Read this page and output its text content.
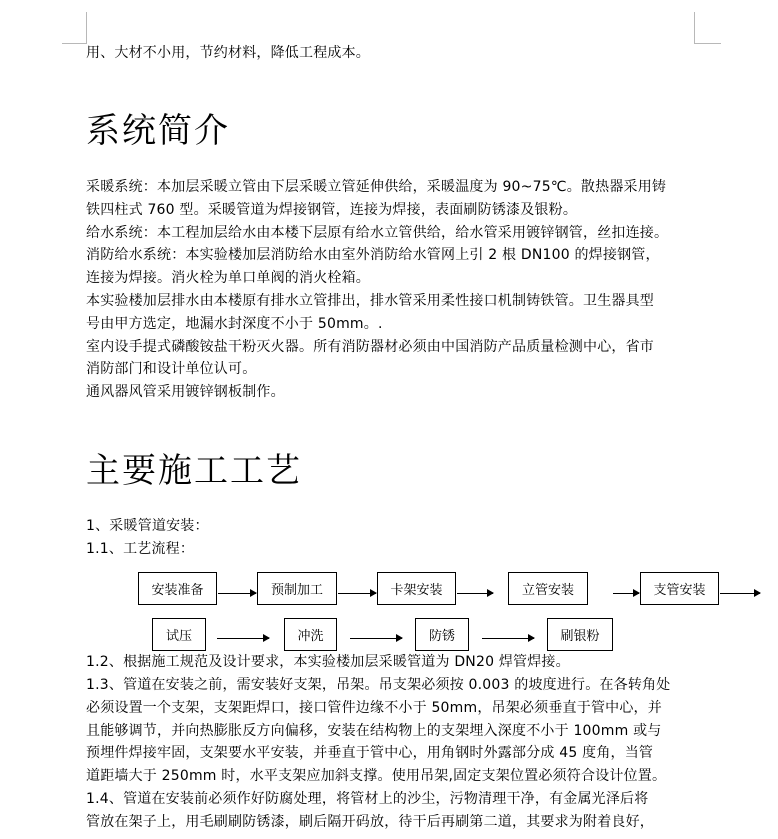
用、大材不小用，节约材料，降低工程成本。
系统简介
采暖系统：本加层采暖立管由下层采暖立管延伸供给，采暖温度为 90~75℃。散热器采用铸
铁四柱式 760 型。采暖管道为焊接钢管，连接为焊接，表面刷防锈漆及银粉。
给水系统：本工程加层给水由本楼下层原有给水立管供给，给水管采用镀锌钢管，丝扣连接。
消防给水系统：本实验楼加层消防给水由室外消防给水管网上引 2 根 DN100 的焊接钢管，
连接为焊接。消火栓为单口单阀的消火栓箱。
本实验楼加层排水由本楼原有排水立管排出，排水管采用柔性接口机制铸铁管。卫生器具型
号由甲方选定，地漏水封深度不小于 50mm。.
室内设手提式磷酸铵盐干粉灭火器。所有消防器材必须由中国消防产品质量检测中心，省市
消防部门和设计单位认可。
通风器风管采用镀锌钢板制作。
主要施工工艺
1、采暖管道安装：
1.1、工艺流程：
安装准备	预制加工	卡架安装	立管安装	支管安装
试压	冲洗	防锈	刷银粉
1.2、根据施工规范及设计要求，本实验楼加层采暖管道为 DN20 焊管焊接。
1.3、管道在安装之前，需安装好支架，吊架。吊支架必须按 0.003 的坡度进行。在各转角处
必须设置一个支架，支架距焊口，接口管件边缘不小于 50mm，吊架必须垂直于管中心，并
且能够调节，并向热膨胀反方向偏移，安装在结构物上的支架埋入深度不小于 100mm 或与
预埋件焊接牢固，支架要水平安装，并垂直于管中心，用角钢时外露部分成 45 度角，当管
道距墙大于 250mm 时，水平支架应加斜支撑。使用吊架,固定支架位置必须符合设计位置。
1.4、管道在安装前必须作好防腐处理，将管材上的沙尘，污物清理干净，有金属光泽后将
管放在架子上，用毛刷刷防锈漆，刷后隔开码放，待干后再刷第二道，其要求为附着良好，
